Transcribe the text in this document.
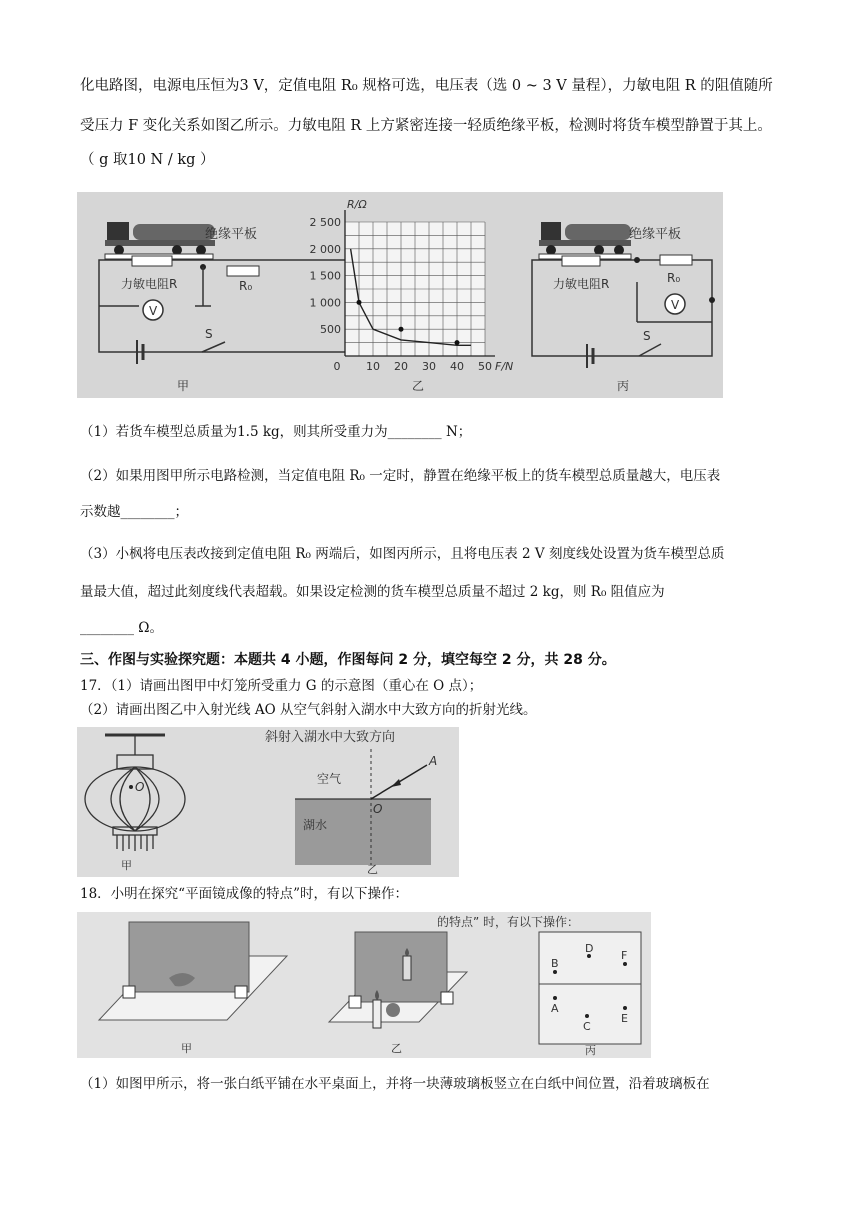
化电路图，电源电压恒为3 V，定值电阻 R₀ 规格可选，电压表（选 0 ~ 3 V 量程），力敏电阻 R 的阻值随所
受压力 F 变化关系如图乙所示。力敏电阻 R 上方紧密连接一轻质绝缘平板，检测时将货车模型静置于其上。
（ g 取10 N / kg ）
V
绝缘平板
力敏电阻R	R₀
S
甲
500
1 000
1 500
2 000
2 500
0 10 20 30 40 50 F/N
R/Ω
乙
V
绝缘平板
力敏电阻R	R₀
S
丙
（1）若货车模型总质量为1.5 kg，则其所受重力为________ N；
（2）如果用图甲所示电路检测，当定值电阻 R₀ 一定时，静置在绝缘平板上的货车模型总质量越大，电压表
示数越________；
（3）小枫将电压表改接到定值电阻 R₀ 两端后，如图丙所示，且将电压表 2 V 刻度线处设置为货车模型总质
量最大值，超过此刻度线代表超载。如果设定检测的货车模型总质量不超过 2 kg，则 R₀ 阻值应为
________ Ω。
三、作图与实验探究题：本题共 4 小题，作图每问 2 分，填空每空 2 分，共 28 分。
17．（1）请画出图甲中灯笼所受重力 G 的示意图（重心在 O 点）；
（2）请画出图乙中入射光线 AO 从空气斜射入湖水中大致方向的折射光线。
斜射入湖水中大致方向
O
甲
A
O
空气
湖水
乙
18．小明在探究“平面镜成像的特点”时，有以下操作：
的特点” 时，有以下操作：
甲	乙
D
B
F
A
E
C
丙
（1）如图甲所示，将一张白纸平铺在水平桌面上，并将一块薄玻璃板竖立在白纸中间位置，沿着玻璃板在
